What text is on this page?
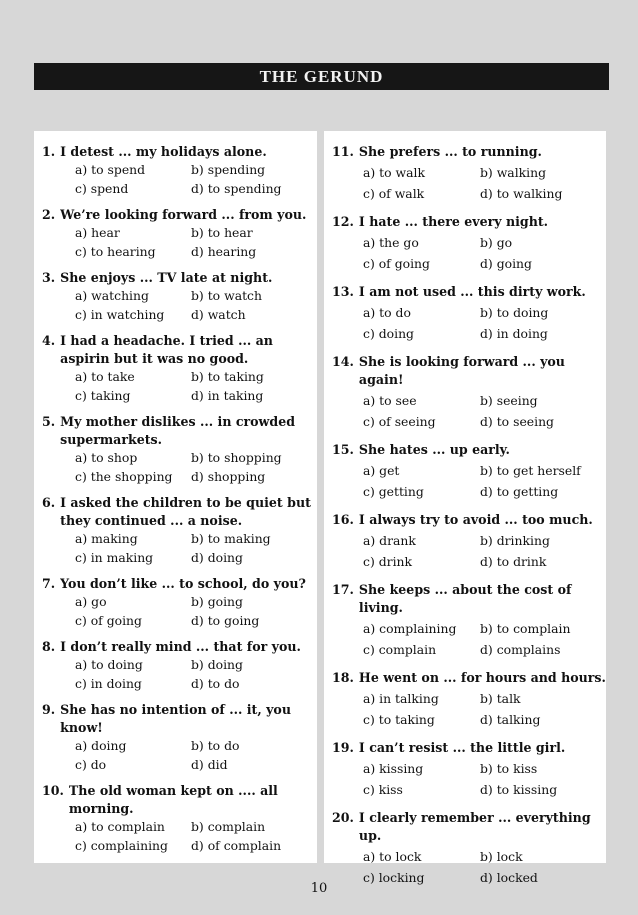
THE GERUND
1. I detest ... my holidays alone.
a) to spend	b) spending
c) spend	d) to spending
2. We’re looking forward ... from you.
a) hear	b) to hear
c) to hearing	d) hearing
3. She enjoys ... TV late at night.
a) watching	b) to watch
c) in watching	d) watch
4. I had a headache. I tried ... an aspirin but it was no good.
a) to take	b) to taking
c) taking	d) in taking
5. My mother dislikes ... in crowded supermarkets.
a) to shop	b) to shopping
c) the shopping	d) shopping
6. I asked the children to be quiet but they continued ... a noise.
a) making	b) to making
c) in making	d) doing
7. You don’t like ... to school, do you?
a) go	b) going
c) of going	d) to going
8. I don’t really mind ... that for you.
a) to doing	b) doing
c) in doing	d) to do
9. She has no intention of ... it, you know!
a) doing	b) to do
c) do	d) did
10. The old woman kept on .... all morning.
a) to complain	b) complain
c) complaining	d) of complain
11. She prefers ... to running.
a) to walk	b) walking
c) of walk	d) to walking
12. I hate ... there every night.
a) the go	b) go
c) of going	d) going
13. I am not used ... this dirty work.
a) to do	b) to doing
c) doing	d) in doing
14. She is looking forward ... you again!
a) to see	b) seeing
c) of seeing	d) to seeing
15. She hates ... up early.
a) get	b) to get herself
c) getting	d) to getting
16. I always try to avoid ... too much.
a) drank	b) drinking
c) drink	d) to drink
17. She keeps ... about the cost of living.
a) complaining	b) to complain
c) complain	d) complains
18. He went on ... for hours and hours.
a) in talking	b) talk
c) to taking	d) talking
19. I can’t resist ... the little girl.
a) kissing	b) to kiss
c) kiss	d) to kissing
20. I clearly remember ... everything up.
a) to lock	b) lock
c) locking	d) locked
10
